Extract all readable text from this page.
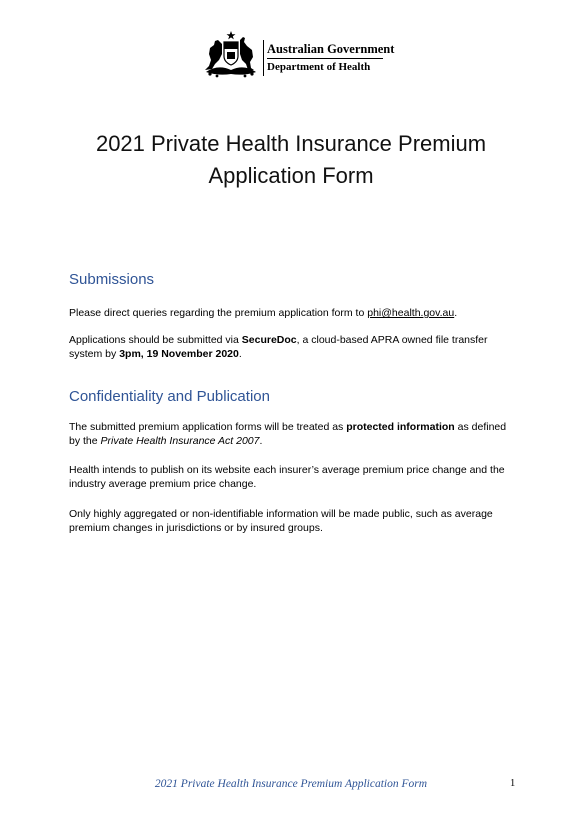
Australian Government
Department of Health
2021 Private Health Insurance Premium
Application Form
Submissions

Please direct queries regarding the premium application form to phi@health.gov.au.

Applications should be submitted via SecureDoc, a cloud-based APRA owned file transfer system by 3pm, 19 November 2020.

Confidentiality and Publication

The submitted premium application forms will be treated as protected information as defined by the Private Health Insurance Act 2007.

Health intends to publish on its website each insurer’s average premium price change and the industry average premium price change.

Only highly aggregated or non-identifiable information will be made public, such as average premium changes in jurisdictions or by insured groups.

2021 Private Health Insurance Premium Application Form	1
